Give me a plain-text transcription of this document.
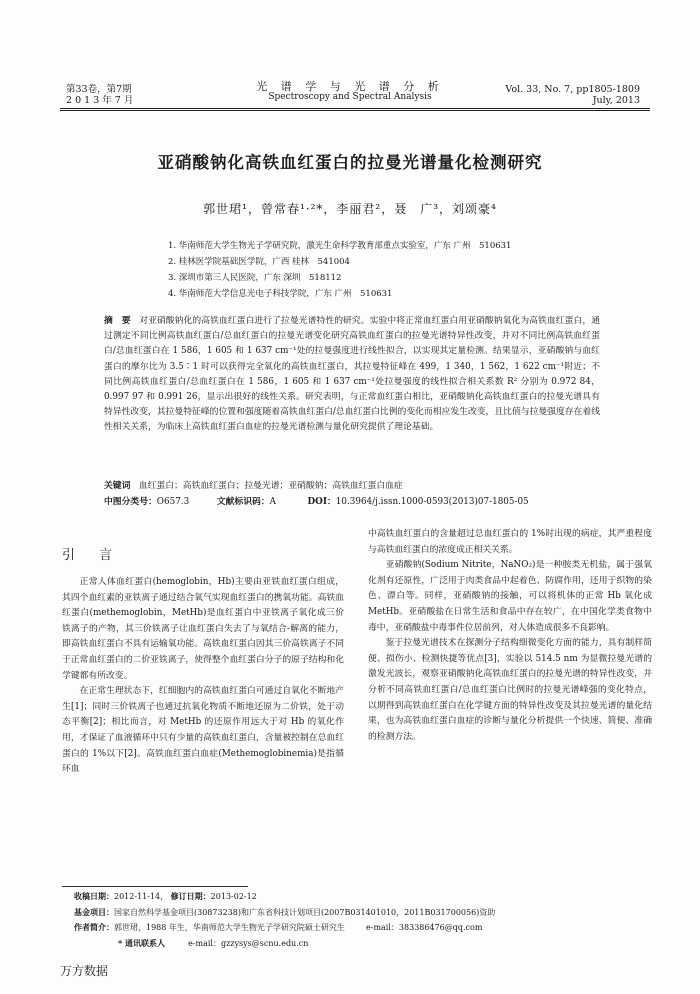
第33卷，第7期
2 0 1 3 年 7 月
光 谱 学 与 光 谱 分 析
Spectroscopy and Spectral Analysis
Vol. 33, No. 7, pp1805-1809
July, 2013
亚硝酸钠化高铁血红蛋白的拉曼光谱量化检测研究
郭世珺¹，曾常春¹·²*，李丽君²，聂　广³，刘颂豪⁴
1. 华南师范大学生物光子学研究院，激光生命科学教育部重点实验室，广东 广州　510631
2. 桂林医学院基础医学院，广西 桂林　541004
3. 深圳市第三人民医院，广东 深圳　518112
4. 华南师范大学信息光电子科技学院，广东 广州　510631
摘　要 对亚硝酸钠化的高铁血红蛋白进行了拉曼光谱特性的研究。实验中将正常血红蛋白用亚硝酸钠氧化为高铁血红蛋白，通过测定不同比例高铁血红蛋白/总血红蛋白的拉曼光谱变化研究高铁血红蛋白的拉曼光谱特异性改变，并对不同比例高铁血红蛋白/总血红蛋白在 1 586，1 605 和 1 637 cm⁻¹处的拉曼强度进行线性拟合，以实现其定量检测。结果显示，亚硝酸钠与血红蛋白的摩尔比为 3.5∶1 时可以获得完全氧化的高铁血红蛋白，其拉曼特征峰在 499，1 340，1 562，1 622 cm⁻¹附近；不同比例高铁血红蛋白/总血红蛋白在 1 586，1 605 和 1 637 cm⁻¹处拉曼强度的线性拟合相关系数 R² 分别为 0.972 84，0.997 97 和 0.991 26，显示出很好的线性关系。研究表明，与正常血红蛋白相比，亚硝酸钠化高铁血红蛋白的拉曼光谱具有特异性改变，其拉曼特征峰的位置和强度随着高铁血红蛋白/总血红蛋白比例的变化而相应发生改变，且比值与拉曼强度存在着线性相关关系，为临床上高铁血红蛋白血症的拉曼光谱检测与量化研究提供了理论基础。
关键词 血红蛋白；高铁血红蛋白；拉曼光谱；亚硝酸钠；高铁血红蛋白血症
中图分类号：O657.3	文献标识码：A	DOI：10.3964/j.issn.1000-0593(2013)07-1805-05
引 言

正常人体血红蛋白(hemoglobin，Hb)主要由亚铁血红蛋白组成，其四个血红素的亚铁离子通过结合氧气实现血红蛋白的携氧功能。高铁血红蛋白(methemoglobin，MetHb)是血红蛋白中亚铁离子氧化成三价铁离子的产物，其三价铁离子让血红蛋白失去了与氧结合-解离的能力，即高铁血红蛋白不具有运输氧功能。高铁血红蛋白因其三价高铁离子不同于正常血红蛋白的二价亚铁离子，使得整个血红蛋白分子的原子结构和化学键都有所改变。

在正常生理状态下，红细胞内的高铁血红蛋白可通过自氧化不断地产生[1]；同时三价铁离子也通过抗氧化物质不断地还原为二价铁，处于动态平衡[2]；相比而言，对 MetHb 的还原作用远大于对 Hb 的氧化作用，才保证了血液循环中只有少量的高铁血红蛋白，含量被控制在总血红蛋白的 1%以下[2]。高铁血红蛋白血症(Methemoglobinemia)是指循环血

中高铁血红蛋白的含量超过总血红蛋白的 1%时出现的病症，其严重程度与高铁血红蛋白的浓度成正相关关系。

亚硝酸钠(Sodium Nitrite，NaNO₂)是一种胺类无机盐，属于强氧化剂有还原性，广泛用于肉类食品中起着色、防腐作用，还用于织物的染色、漂白等。同样，亚硝酸钠的接触，可以将机体的正常 Hb 氧化成 MetHb。亚硝酸盐在日常生活和食品中存在较广，在中国化学类食物中毒中，亚硝酸盐中毒事件位居前列，对人体造成很多不良影响。

鉴于拉曼光谱技术在探测分子结构细微变化方面的能力，具有制样简便、损伤小、检测快捷等优点[3]，实验以 514.5 nm 为显微拉曼光谱的激发光波长，观察亚硝酸钠化高铁血红蛋白的拉曼光谱的特异性改变，并分析不同高铁血红蛋白/总血红蛋白比例时的拉曼光谱峰强的变化特点，以期得到高铁血红蛋白在化学键方面的特异性改变及其拉曼光谱的量化结果，也为高铁血红蛋白血症的诊断与量化分析提供一个快速、简便、准确的检测方法。

收稿日期：2012-11-14， 修订日期：2013-02-12
基金项目：国家自然科学基金项目(30873238)和广东省科技计划项目(2007B031401010，2011B031700056)资助
作者简介：郭世珺，1988 年生，华南师范大学生物光子学研究院硕士研究生	e-mail：383386476@qq.com
* 通讯联系人	e-mail：gzzysys@scnu.edu.cn
万方数据
